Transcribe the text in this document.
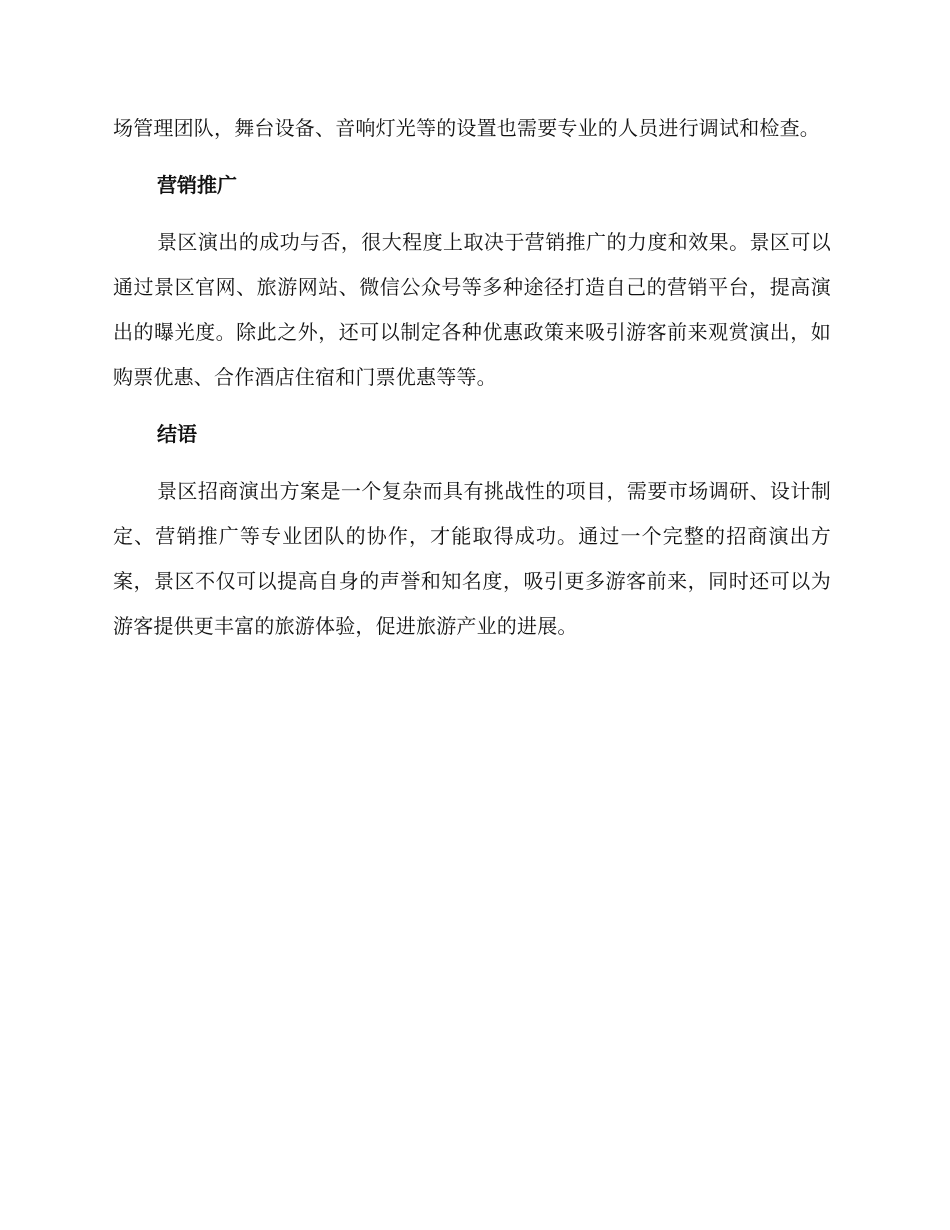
场管理团队，舞台设备、音响灯光等的设置也需要专业的人员进行调试和检查。

营销推广

景区演出的成功与否，很大程度上取决于营销推广的力度和效果。景区可以通过景区官网、旅游网站、微信公众号等多种途径打造自己的营销平台，提高演出的曝光度。除此之外，还可以制定各种优惠政策来吸引游客前来观赏演出，如购票优惠、合作酒店住宿和门票优惠等等。

结语

景区招商演出方案是一个复杂而具有挑战性的项目，需要市场调研、设计制定、营销推广等专业团队的协作，才能取得成功。通过一个完整的招商演出方案，景区不仅可以提高自身的声誉和知名度，吸引更多游客前来，同时还可以为游客提供更丰富的旅游体验，促进旅游产业的进展。
